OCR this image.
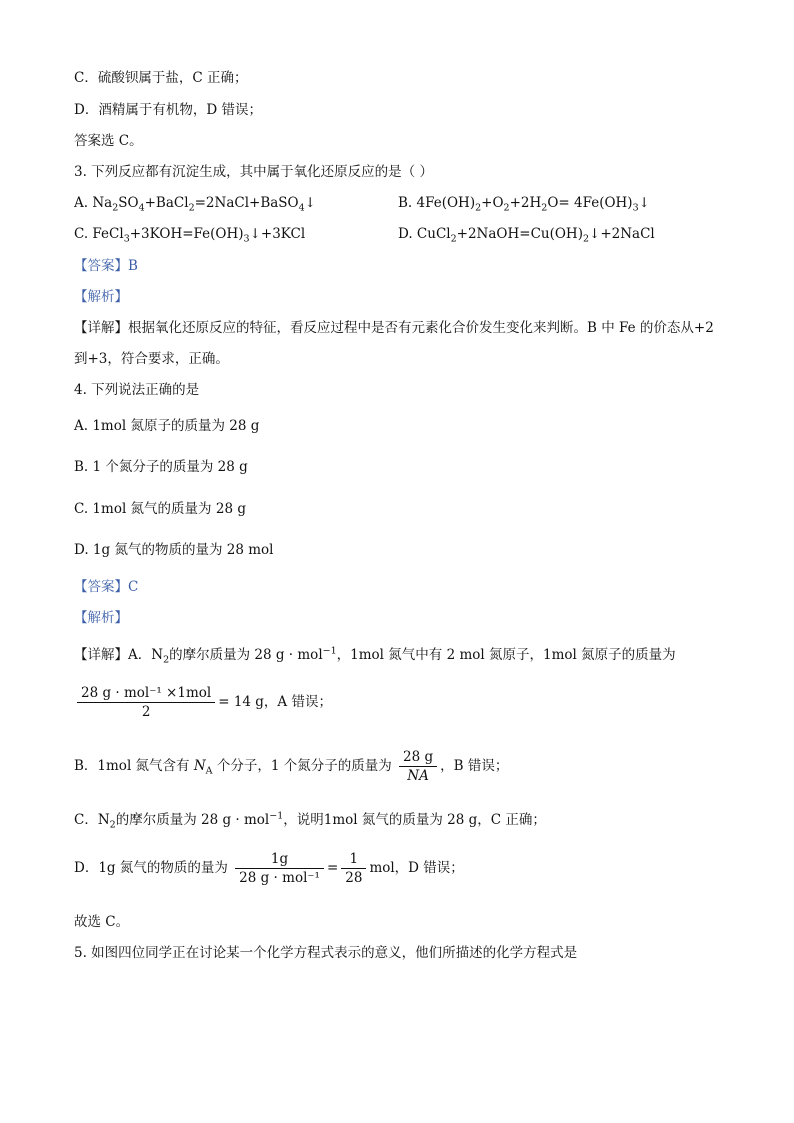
C．硫酸钡属于盐，C 正确；
D．酒精属于有机物，D 错误；
答案选 C。
3. 下列反应都有沉淀生成，其中属于氧化还原反应的是（ ）
A. $Na_2SO_4+BaCl_2=2NaCl+BaSO_4↓$	B. $4Fe(OH)_2+O_2+2H_2O=$ $4Fe(OH)_3↓$
C. $FeCl_3+3KOH=Fe(OH)_3↓+3KCl$	D. $CuCl_2+2NaOH=Cu(OH)_2↓+2NaCl$
【答案】B
【解析】
【详解】根据氧化还原反应的特征，看反应过程中是否有元素化合价发生变化来判断。B 中 Fe 的价态从+2
到+3，符合要求，正确。
4. 下列说法正确的是
A. 1mol 氮原子的质量为 28 g
B. 1 个氮分子的质量为 28 g
C. 1mol 氮气的质量为 28 g
D. 1g 氮气的物质的量为 28 mol
【答案】C
【解析】
【详解】A．$N_2$的摩尔质量为 28 g · mol$^{-1}$，1mol 氮气中有 2 mol 氮原子，1mol 氮原子的质量为
$\frac{\text{28 g · mol⁻¹ ×1mol}}{2} = 14$ g，A 错误；
B．1mol 氮气含有 $N_A$ 个分子，1 个氮分子的质量为 $\frac{28 g}{NA}$ ，B 错误；
C．$N_2$的摩尔质量为 28 g · mol$^{-1}$，说明1mol 氮气的质量为 28 g，C 正确；
D．1g 氮气的物质的量为 $\frac{1g}{\text{28 g · mol⁻¹}} = \frac{1}{28}$ mol，D 错误；
故选 C。
5. 如图四位同学正在讨论某一个化学方程式表示的意义，他们所描述的化学方程式是
